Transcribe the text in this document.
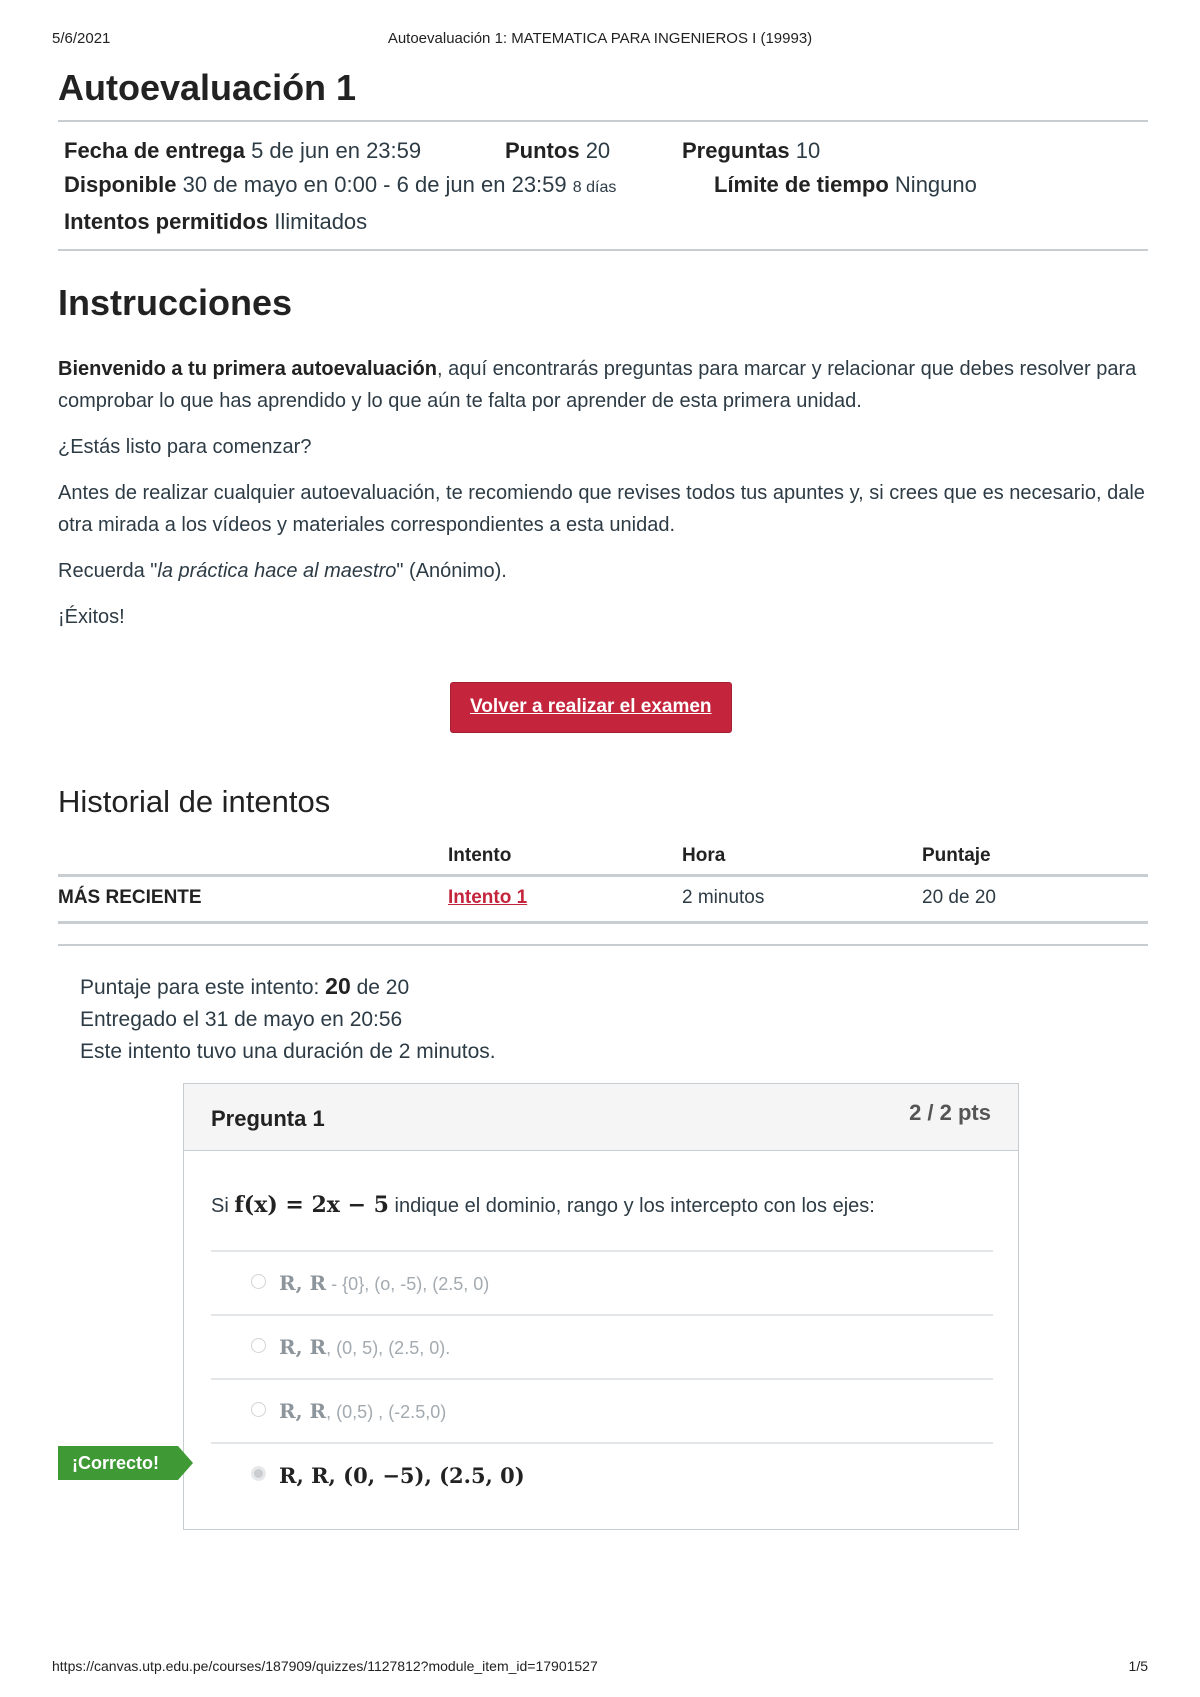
5/6/2021	Autoevaluación 1: MATEMATICA PARA INGENIEROS I (19993)
Autoevaluación 1
Fecha de entrega 5 de jun en 23:59	Puntos 20	Preguntas 10
Disponible 30 de mayo en 0:00 - 6 de jun en 23:59 8 días	Límite de tiempo Ninguno
Intentos permitidos Ilimitados
Instrucciones

Bienvenido a tu primera autoevaluación, aquí encontrarás preguntas para marcar y relacionar que debes resolver para comprobar lo que has aprendido y lo que aún te falta por aprender de esta primera unidad.

¿Estás listo para comenzar?

Antes de realizar cualquier autoevaluación, te recomiendo que revises todos tus apuntes y, si crees que es necesario, dale otra mirada a los vídeos y materiales correspondientes a esta unidad.

Recuerda "la práctica hace al maestro" (Anónimo).

¡Éxitos!

Volver a realizar el examen
Historial de intentos
	Intento	Hora	Puntaje
MÁS RECIENTE	Intento 1	2 minutos	20 de 20
Puntaje para este intento: 20 de 20
Entregado el 31 de mayo en 20:56
Este intento tuvo una duración de 2 minutos.
Pregunta 1	2 / 2 pts
Si f(x) = 2x − 5 indique el dominio, rango y los intercepto con los ejes:
R, R - {0}, (o, -5), (2.5, 0)
R, R, (0, 5), (2.5, 0).
R, R, (0,5) , (-2.5,0)
R, R, (0, −5), (2.5, 0)
¡Correcto!
https://canvas.utp.edu.pe/courses/187909/quizzes/1127812?module_item_id=17901527	1/5
